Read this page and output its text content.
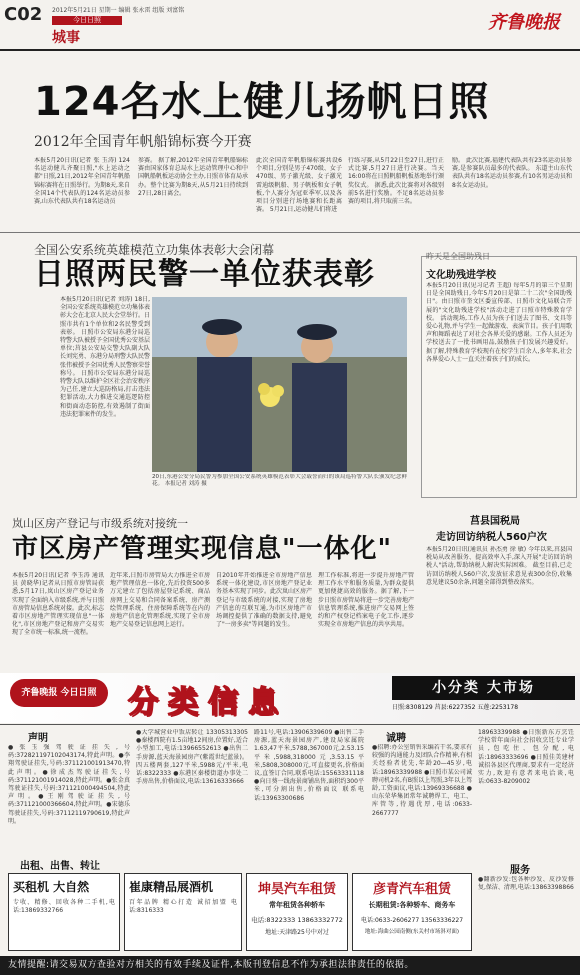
C02 2012年5月21日 星期一 编辑 张永雷 组版 刘富铭
今日日照
城事
齐鲁晚报
124名水上健儿扬帆日照
2012年全国青年帆船锦标赛今开赛
本报5月20日讯(记者 张 玉涛) 124名运动健儿齐聚日照,"水上运动之都"日照,21日,2012年全国青年帆船锦标赛将在日照举行。为期8天,来自全国14个代表队的124名运动员参赛,山东代表队共有18名运动员
参赛。 据了解,2012年全国青年帆船锦标赛由国家体育总局水上运动管理中心和中国帆船帆板运动协会主办,日照市体育局承办。整个比赛为期8天,从5月21日持续到27日,28日离会。
此次全国青年帆船锦标赛共设6个项目,分别是男子470级、女子470级、男子激光级、女子激光雷迪级帆船、男子帆板和女子帆板,个人赛分为冠亚季军,以及各项目分别进行场地赛和长距离赛。 5月21日,运动健儿们将进
行练习赛,从5月22日至27日,进行正式比赛,5月27日进行决赛。当天16:00将在日照帆船帆板基地举行颁奖仪式。 据悉,此次比赛将对各级别前5名进行奖励。不足8名运动员参赛的项目,将只取前三名。
励。 此次比赛,福建代表队共有23名运动员参赛,是参赛队员最多的代表队。 东道主山东代表队共有18名运动员参赛,有10名男运动员和8名女运动员。
全国公安系统英雄模范立功集体表彰大会闭幕
日照两民警一单位获表彰
本报5月20日讯(记者 刘涛) 18日,全国公安系统英雄模范立功集体表彰大会在北京人民大会堂举行。日照市共有1个单位和2名民警受到表彰。 日照市公安局东港分局巡特警大队被授予全国优秀公安基层单位;莒县公安局交警大队副大队长刘宪勇、东港分局刑警大队民警张伟被授予全国优秀人民警察荣誉称号。 日照市公安局东港分局巡特警大队以维护全区社会治安秩序为己任,建立大巡防格局,打击违法犯罪活动,大力推进交通巡逻防控和街面动态防控,有效遏制了街面违法犯罪案件的发生。
20日,东港公安分局民警为参加全国公安系统英雄模范表彰大会载誉而归的该局巡特警大队长颁发纪念鲜花。 本报记者 刘涛 摄
昨天是全国助残日
文化助残进学校
本报5月20日讯(见习记者 王超) 每年5月的第三个星期日是全国助残日,今年5月20日是第二十二次"全国助残日"。由日照市奎文区委宣传部、日照市文化局联合开展的"文化助残进学校"活动走进了日照市特殊教育学校。 活动现场,工作人员为孩子们送去了图书、文具等爱心礼物,并与学生一起做游戏、表演节目。孩子们用歌声和舞蹈表达了对社会各界关爱的感谢。工作人员还为学校送去了一批书画用品,鼓励孩子们发展兴趣爱好。 据了解,特殊教育学校现有在校学生百余人,多年来,社会各界爱心人士一直关注着孩子们的成长。
莒县国税局
走访回访纳税人560户次
本报5月20日讯(通讯员 孙杰勇 徐 敏) 今年以来,莒县国税局从改善服务、提高效率入手,深入开展"走访回访纳税人"活动,帮助纳税人解决实际困难。 截至目前,已走访回访纳税人560户次,发放征求意见表300余份,收集意见建议50余条,问题全部得到整改落实。
岚山区房产登记与市级系统对接统一
市区房产管理实现信息"一体化"
本报5月20日讯(记者 李玉涛 通讯员 黄晓华)记者从日照市房管局获悉,5月17日,岚山区房产登记业务实现了全面纳入市级系统,并与日照市房管局信息系统对接。此次,标志着市区房地产管理实现信息"一体化",市区房地产登记和房产交易实现了全市统一标准,统一流程。
近年来,日照市房管局大力推进全市房地产管理信息一体化,先后投资500多万元建立了包括房屋登记系统、商品房网上交易和合同备案系统、房产测绘管理系统、住房保障系统等在内的房地产信息化管理系统,实现了全市房地产交易登记信息网上运行。
自2010年开始推进全市房地产信息系统一体化建设,市区房地产登记业务基本实现了同步。此次岚山区房产登记与市级系统的对接,实现了房地产信息的互联互通,为市区房地产市场调控提供了准确的数据支持,避免了"一房多卖"等问题的发生。
理工作标准,将进一步提升房地产管理工作水平和服务质量,为群众提供更加便捷高效的服务。据了解,下一步日照市房管局将进一步完善房地产信息管理系统,推进房产交易网上签约和产权登记档案电子化工作,逐步实现全市房地产信息的共享共用。
齐鲁晚报 今日日照	分类信息	小分类 大市场
日照:8308129 莒县:6227352 五莲:2253178
声明
●张玉强驾驶证挂失,号码:372821197102043174,特此声明。●李翔驾驶证挂失,号码:371121001913470,特此声明。●徐成杰驾驶证挂失,号码:371121001914028,特此声明。●张金真驾驶证挂失,号码:371121000494504,特此声明。●王刚驾驶证挂失,号码:371121000366604,特此声明。●宋德乐驾驶证挂失,号码:37112119790619,特此声明。
出租、出售、转让
●大学城营业中饭店转让 13305313305 ●秦楼西院有1.5亩地12间房,位置好,适合小型加工,电话:13966552613 ●出售二手房源,蓝天海景园房产(紫霞世纪蓝景)。四五楼两套,127平米,5988元/平米,电话:8322333 ●东港区秦楼街道办事处二手房出售,价格面议,电话:13616333666
路11号,电话:13906339609 ●出售二手房源,蓝天海景园房产,建设局家属院1.63,47平米,5788,367000元,2.53.15平米,5988,318000元,3.53.15平米,5808,308000元,可直接更名,价格面议,直签订合同,联系电话:15563331118 ●向日葵一线海景商铺出售,面积约300平米,可分割出售,价格面议 联系电话:13963300686
诚聘
●招聘:办公室销售采编若干名,要求有较强的沟通能力及团队合作精神,有相关经验者优先,年龄20—45岁,电话:18963339988 ●日照市某公司诚聘司机2名,有B照以上驾照,3年以上驾龄,工资面议,电话:13969336688 ●山东荣华集团常年诚聘焊工、电工、库管等,待遇优厚,电话:0633-2667777
18963339988 ●日照新东方烹饪学校常年面向社会招收烹饪专业学员,包吃住、包分配,电话:18963333696 ●日照佳美建材诚招各县区代理商,要求有一定经济实力,欢迎有意者来电洽谈,电话:0633-8209002
服务
●翻新沙发:包各种沙发、皮沙发修复,保洁、清理,电话:13863398866
买租机 大自然
专收、精修、回收各种二手机,电话:13869332766
崔康精品展酒机
百年品牌 精心打造 诚招加盟 电话:8316333
坤昊汽车租赁
常年租赁各种轿车
电话:8322333 13863332772
地址:天津路25号中对过
彦青汽车租赁
长期租赁:各种轿车、商务车
电话:0633-2606277 13563336227
地址:海曲公园南侧(东关村市场斜对面)
友情提醒:请交易双方查验对方相关的有效手续及证件,本版刊登信息不作为承担法律责任的依据。
